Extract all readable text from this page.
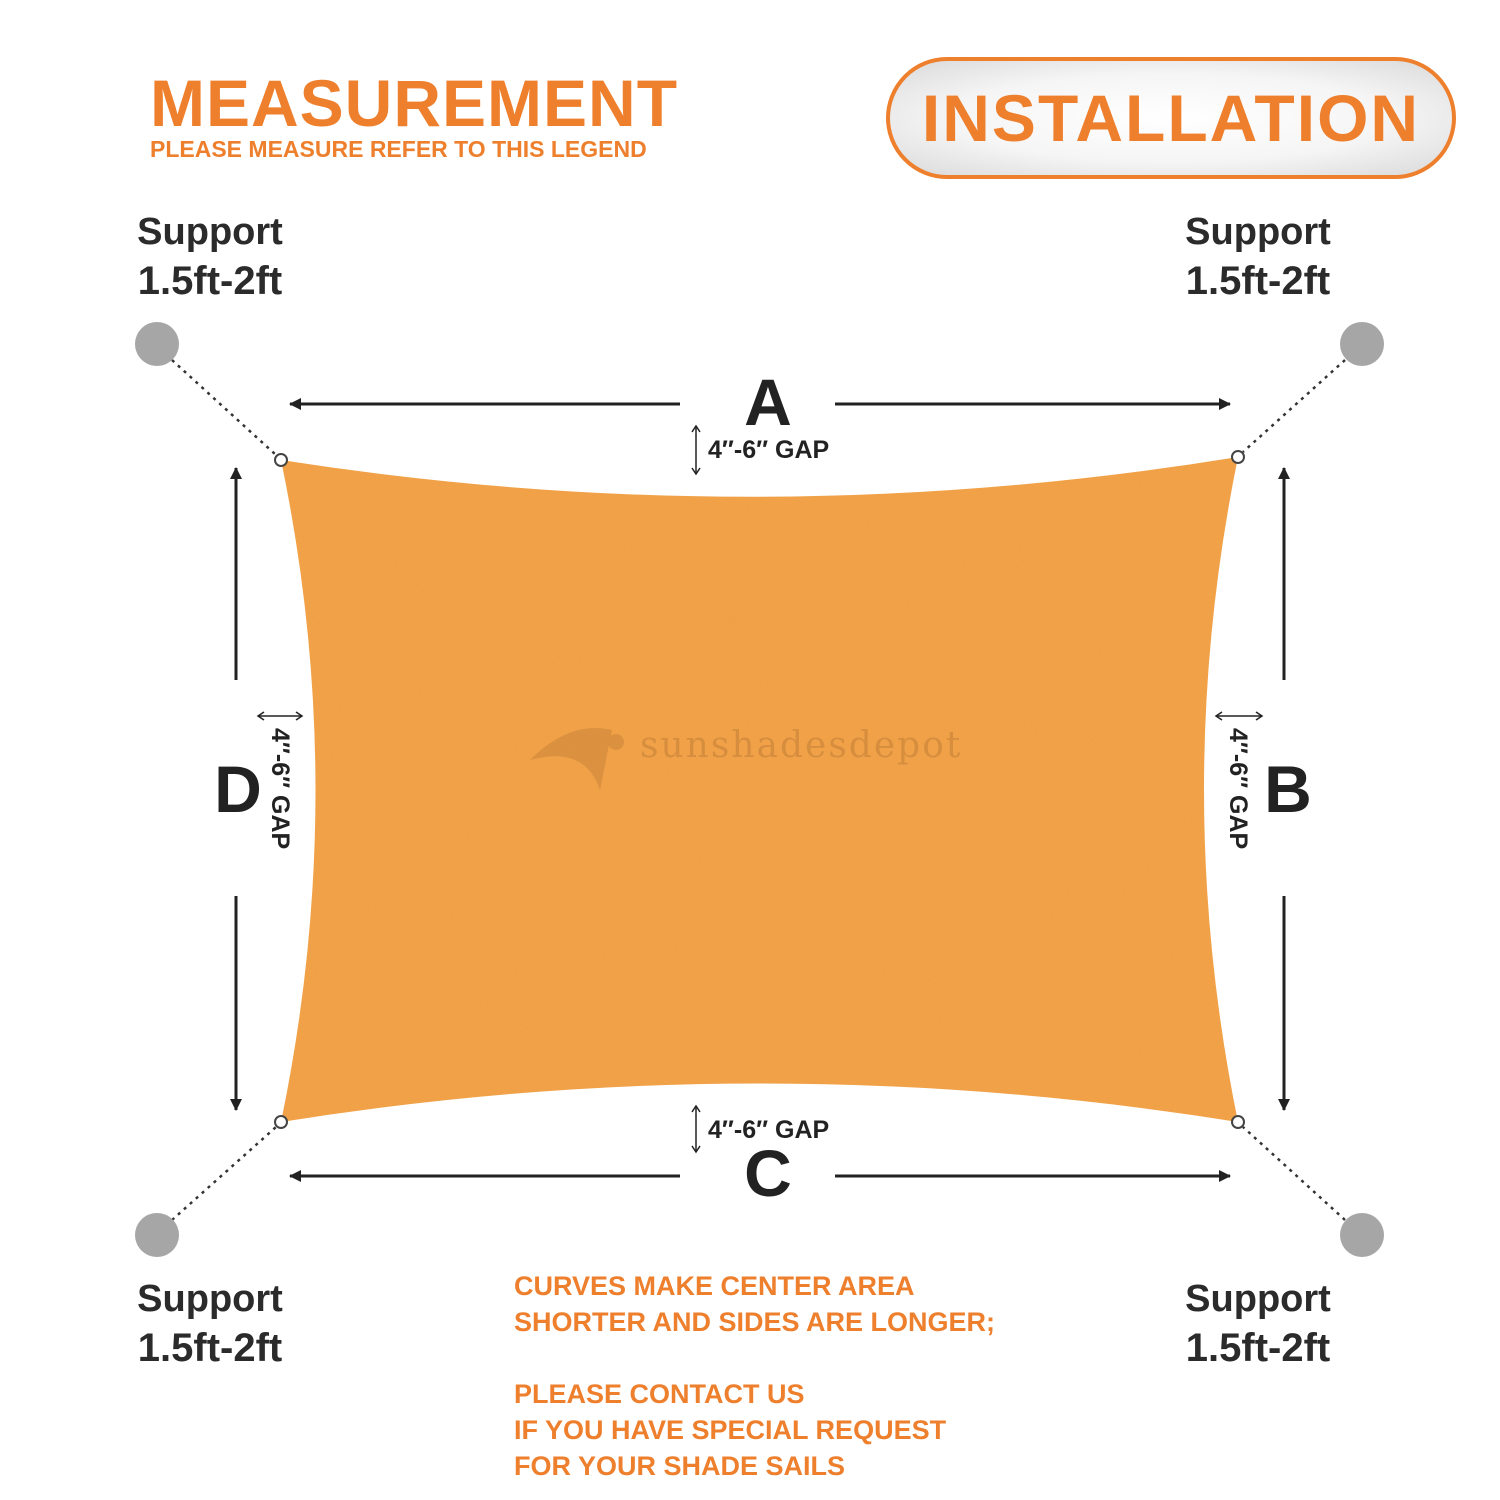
MEASUREMENT
PLEASE MEASURE REFER TO THIS LEGEND	INSTALLATION
Support
1.5ft-2ft
Support
1.5ft-2ft
Support
1.5ft-2ft
Support
1.5ft-2ft
sunshadesdepot
A
C
D	B
4″-6″ GAP
4″-6″ GAP
4″-6″ GAP	4″-6″ GAP
CURVES MAKE CENTER AREA
SHORTER AND SIDES ARE LONGER;
PLEASE CONTACT US
IF YOU HAVE SPECIAL REQUEST
FOR YOUR SHADE SAILS
